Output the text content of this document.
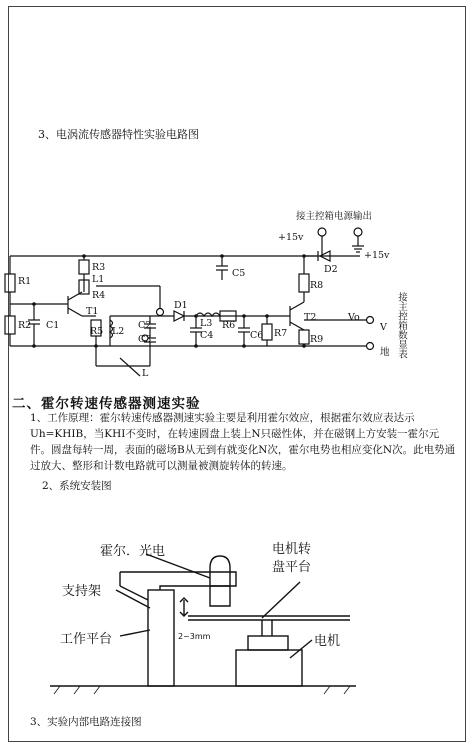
3、电涡流传感器特性实验电路图
接主控箱电源输出
+15v
+15v
R1
R2 C1
R3
L1
R4
T1
R5 L2
C2
C3
L
D1
L3 R6
C4
C5
C6 R7
T2
R8
R9
D2
Vo
V
地 接主控箱数显表
二、霍尔转速传感器测速实验
1、工作原理：霍尔转速传感器测速实验主要是利用霍尔效应，根据霍尔效应表达示Uh=KHIB，当KHI不变时，在转速圆盘上装上N只磁性体，并在磁钢上方安装一霍尔元件。圆盘每转一周，表面的磁场B从无到有就变化N次，霍尔电势也相应变化N次。此电势通过放大、整形和计数电路就可以测量被测旋转体的转速。
2、系统安装图
霍尔．光电	电机转
盘平台
支持架
工作平台	电机
2~3mm
3、实验内部电路连接图
